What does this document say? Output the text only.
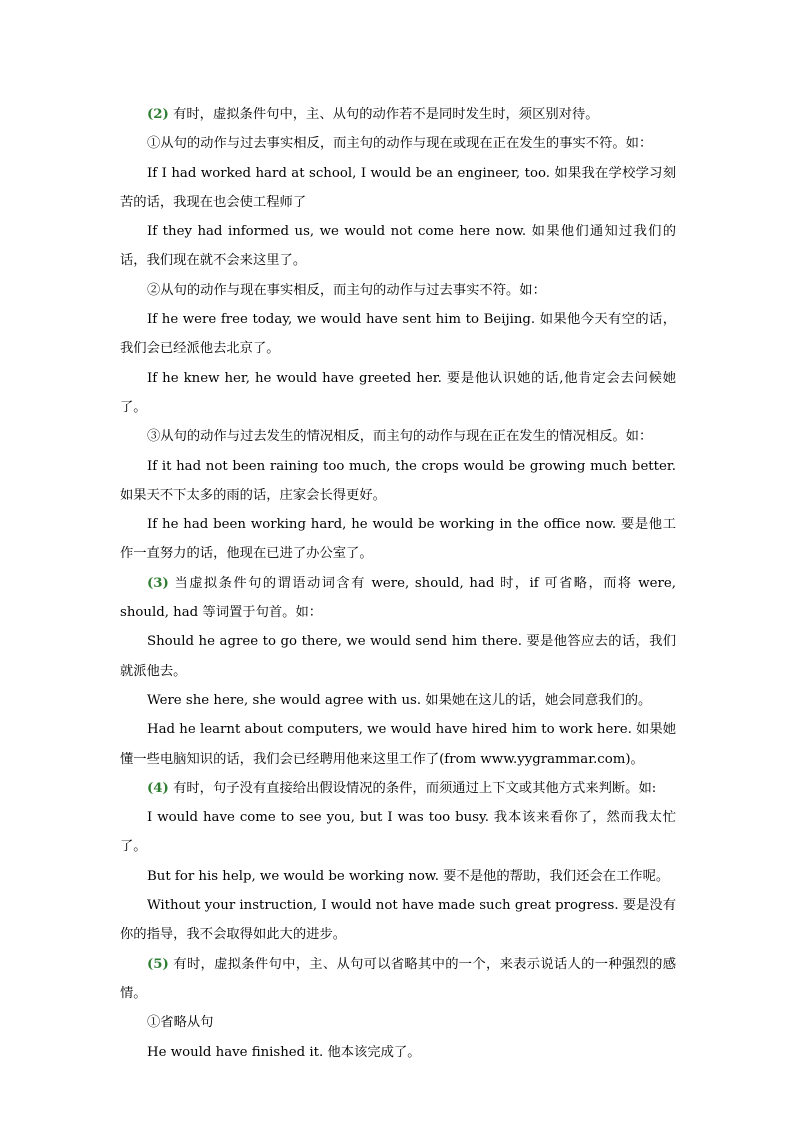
(2) 有时，虚拟条件句中，主、从句的动作若不是同时发生时，须区别对待。

①从句的动作与过去事实相反，而主句的动作与现在或现在正在发生的事实不符。如：

If I had worked hard at school, I would be an engineer, too. 如果我在学校学习刻苦的话，我现在也会使工程师了

If they had informed us, we would not come here now. 如果他们通知过我们的话，我们现在就不会来这里了。

②从句的动作与现在事实相反，而主句的动作与过去事实不符。如：

If he were free today, we would have sent him to Beijing. 如果他今天有空的话，我们会已经派他去北京了。

If he knew her, he would have greeted her. 要是他认识她的话,他肯定会去问候她了。

③从句的动作与过去发生的情况相反，而主句的动作与现在正在发生的情况相反。如：

If it had not been raining too much, the crops would be growing much better. 如果天不下太多的雨的话，庄家会长得更好。

If he had been working hard, he would be working in the office now. 要是他工作一直努力的话，他现在已进了办公室了。

(3) 当虚拟条件句的谓语动词含有 were, should, had 时，if 可省略，而将 were, should, had 等词置于句首。如：

Should he agree to go there, we would send him there. 要是他答应去的话，我们就派他去。

Were she here, she would agree with us. 如果她在这儿的话，她会同意我们的。

Had he learnt about computers, we would have hired him to work here. 如果她懂一些电脑知识的话，我们会已经聘用他来这里工作了(from www.yygrammar.com)。

(4) 有时，句子没有直接给出假设情况的条件，而须通过上下文或其他方式来判断。如:

I would have come to see you, but I was too busy. 我本该来看你了，然而我太忙了。

But for his help, we would be working now. 要不是他的帮助，我们还会在工作呢。

Without your instruction, I would not have made such great progress. 要是没有你的指导，我不会取得如此大的进步。

(5) 有时，虚拟条件句中，主、从句可以省略其中的一个，来表示说话人的一种强烈的感情。

①省略从句

He would have finished it. 他本该完成了。
